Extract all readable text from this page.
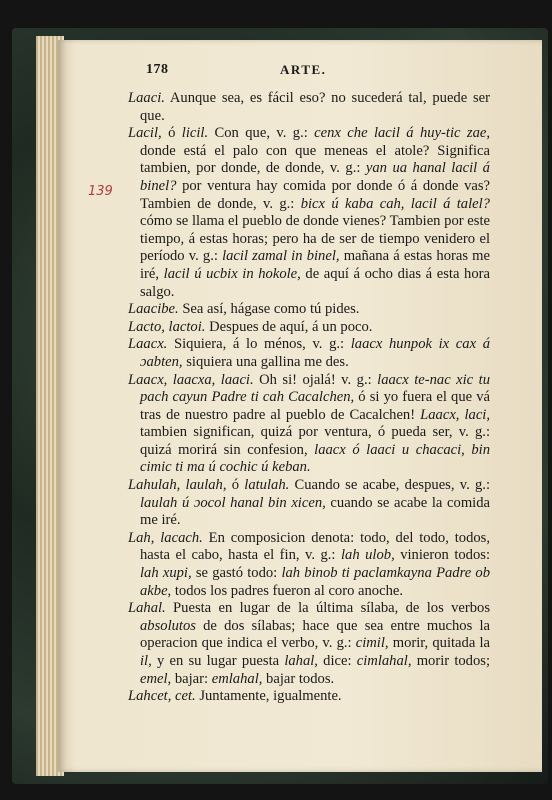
178	ARTE.
139

Laaci. Aunque sea, es fácil eso? no sucederá tal, puede ser que.

Lacil, ó licil. Con que, v. g.: cenx che lacil á huy-tic zae, donde está el palo con que meneas el atole? Significa tambien, por donde, de donde, v. g.: yan ua hanal lacil á binel? por ventura hay comida por donde ó á donde vas? Tambien de donde, v. g.: bicx ú kaba cah, lacil á talel? cómo se llama el pueblo de donde vienes? Tambien por este tiempo, á estas horas; pero ha de ser de tiempo venidero el período v. g.: lacil zamal in binel, mañana á estas horas me iré, lacil ú ucbix in hokole, de aquí á ocho dias á esta hora salgo.

Laacibe. Sea así, hágase como tú pides.

Lacto, lactoi. Despues de aquí, á un poco.

Laacx. Siquiera, á lo ménos, v. g.: laacx hunpok ix cax á ɔabten, siquiera una gallina me des.

Laacx, laacxa, laaci. Oh si! ojalá! v. g.: laacx te-nac xic tu pach cayun Padre ti cah Cacalchen, ó si yo fuera el que vá tras de nuestro padre al pueblo de Cacalchen! Laacx, laci, tambien significan, quizá por ventura, ó pueda ser, v. g.: quizá morirá sin confesion, laacx ó laaci u chacaci, bin cimic ti ma ú cochic ú keban.

Lahulah, laulah, ó latulah. Cuando se acabe, despues, v. g.: laulah ú ɔocol hanal bin xicen, cuando se acabe la comida me iré.

Lah, lacach. En composicion denota: todo, del todo, todos, hasta el cabo, hasta el fin, v. g.: lah ulob, vinieron todos: lah xupi, se gastó todo: lah binob ti paclamkayna Padre ob akbe, todos los padres fueron al coro anoche.

Lahal. Puesta en lugar de la última sílaba, de los verbos absolutos de dos sílabas; hace que sea entre muchos la operacion que indica el verbo, v. g.: cimil, morir, quitada la il, y en su lugar puesta lahal, dice: cimlahal, morir todos; emel, bajar: emlahal, bajar todos.

Lahcet, cet. Juntamente, igualmente.
